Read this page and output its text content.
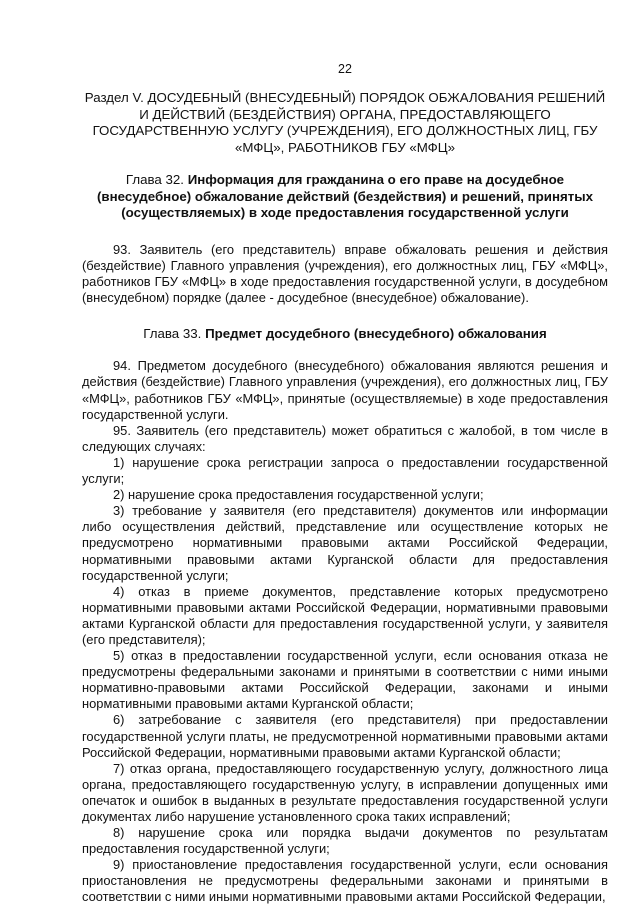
22
Раздел V. ДОСУДЕБНЫЙ (ВНЕСУДЕБНЫЙ) ПОРЯДОК ОБЖАЛОВАНИЯ РЕШЕНИЙ И ДЕЙСТВИЙ (БЕЗДЕЙСТВИЯ) ОРГАНА, ПРЕДОСТАВЛЯЮЩЕГО ГОСУДАРСТВЕННУЮ УСЛУГУ (УЧРЕЖДЕНИЯ), ЕГО ДОЛЖНОСТНЫХ ЛИЦ, ГБУ «МФЦ», РАБОТНИКОВ ГБУ «МФЦ»
Глава 32. Информация для гражданина о его праве на досудебное (внесудебное) обжалование действий (бездействия) и решений, принятых (осуществляемых) в ходе предоставления государственной услуги

93. Заявитель (его представитель) вправе обжаловать решения и действия (бездействие) Главного управления (учреждения), его должностных лиц, ГБУ «МФЦ», работников ГБУ «МФЦ» в ходе предоставления государственной услуги, в досудебном (внесудебном) порядке (далее - досудебное (внесудебное) обжалование).

Глава 33. Предмет досудебного (внесудебного) обжалования

94. Предметом досудебного (внесудебного) обжалования являются решения и действия (бездействие) Главного управления (учреждения), его должностных лиц, ГБУ «МФЦ», работников ГБУ «МФЦ», принятые (осуществляемые) в ходе предоставления государственной услуги.

95. Заявитель (его представитель) может обратиться с жалобой, в том числе в следующих случаях:

1) нарушение срока регистрации запроса о предоставлении государственной услуги;

2) нарушение срока предоставления государственной услуги;

3) требование у заявителя (его представителя) документов или информации либо осуществления действий, представление или осуществление которых не предусмотрено нормативными правовыми актами Российской Федерации, нормативными правовыми актами Курганской области для предоставления государственной услуги;

4) отказ в приеме документов, представление которых предусмотрено нормативными правовыми актами Российской Федерации, нормативными правовыми актами Курганской области для предоставления государственной услуги, у заявителя (его представителя);

5) отказ в предоставлении государственной услуги, если основания отказа не предусмотрены федеральными законами и принятыми в соответствии с ними иными нормативно-правовыми актами Российской Федерации, законами и иными нормативными правовыми актами Курганской области;

6) затребование с заявителя (его представителя) при предоставлении государственной услуги платы, не предусмотренной нормативными правовыми актами Российской Федерации, нормативными правовыми актами Курганской области;

7) отказ органа, предоставляющего государственную услугу, должностного лица органа, предоставляющего государственную услугу, в исправлении допущенных ими опечаток и ошибок в выданных в результате предоставления государственной услуги документах либо нарушение установленного срока таких исправлений;

8) нарушение срока или порядка выдачи документов по результатам предоставления государственной услуги;

9) приостановление предоставления государственной услуги, если основания приостановления не предусмотрены федеральными законами и принятыми в соответствии с ними иными нормативными правовыми актами Российской Федерации,
